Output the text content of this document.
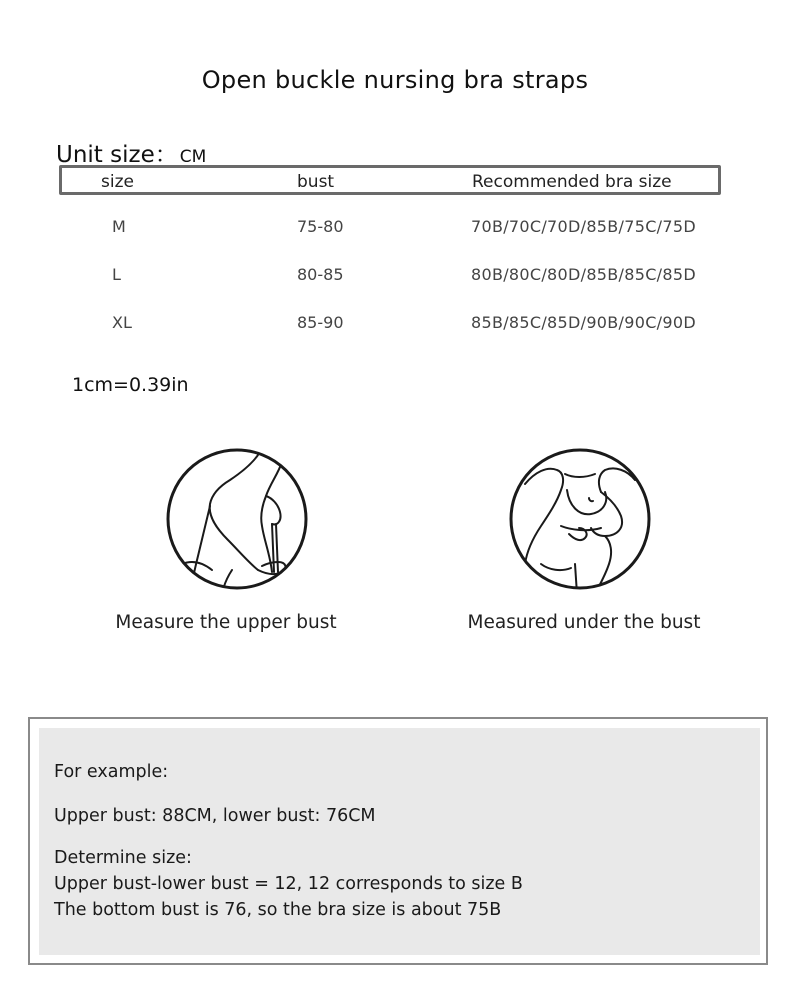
Open buckle nursing bra straps
Unit size： CM
size	bust	Recommended bra size
M	75-80	70B/70C/70D/85B/75C/75D
L	80-85	80B/80C/80D/85B/85C/85D
XL	85-90	85B/85C/85D/90B/90C/90D
1cm=0.39in
Measure the upper bust	Measured under the bust
For example:
Upper bust: 88CM, lower bust: 76CM
Determine size:
Upper bust-lower bust = 12, 12 corresponds to size B
The bottom bust is 76, so the bra size is about 75B
